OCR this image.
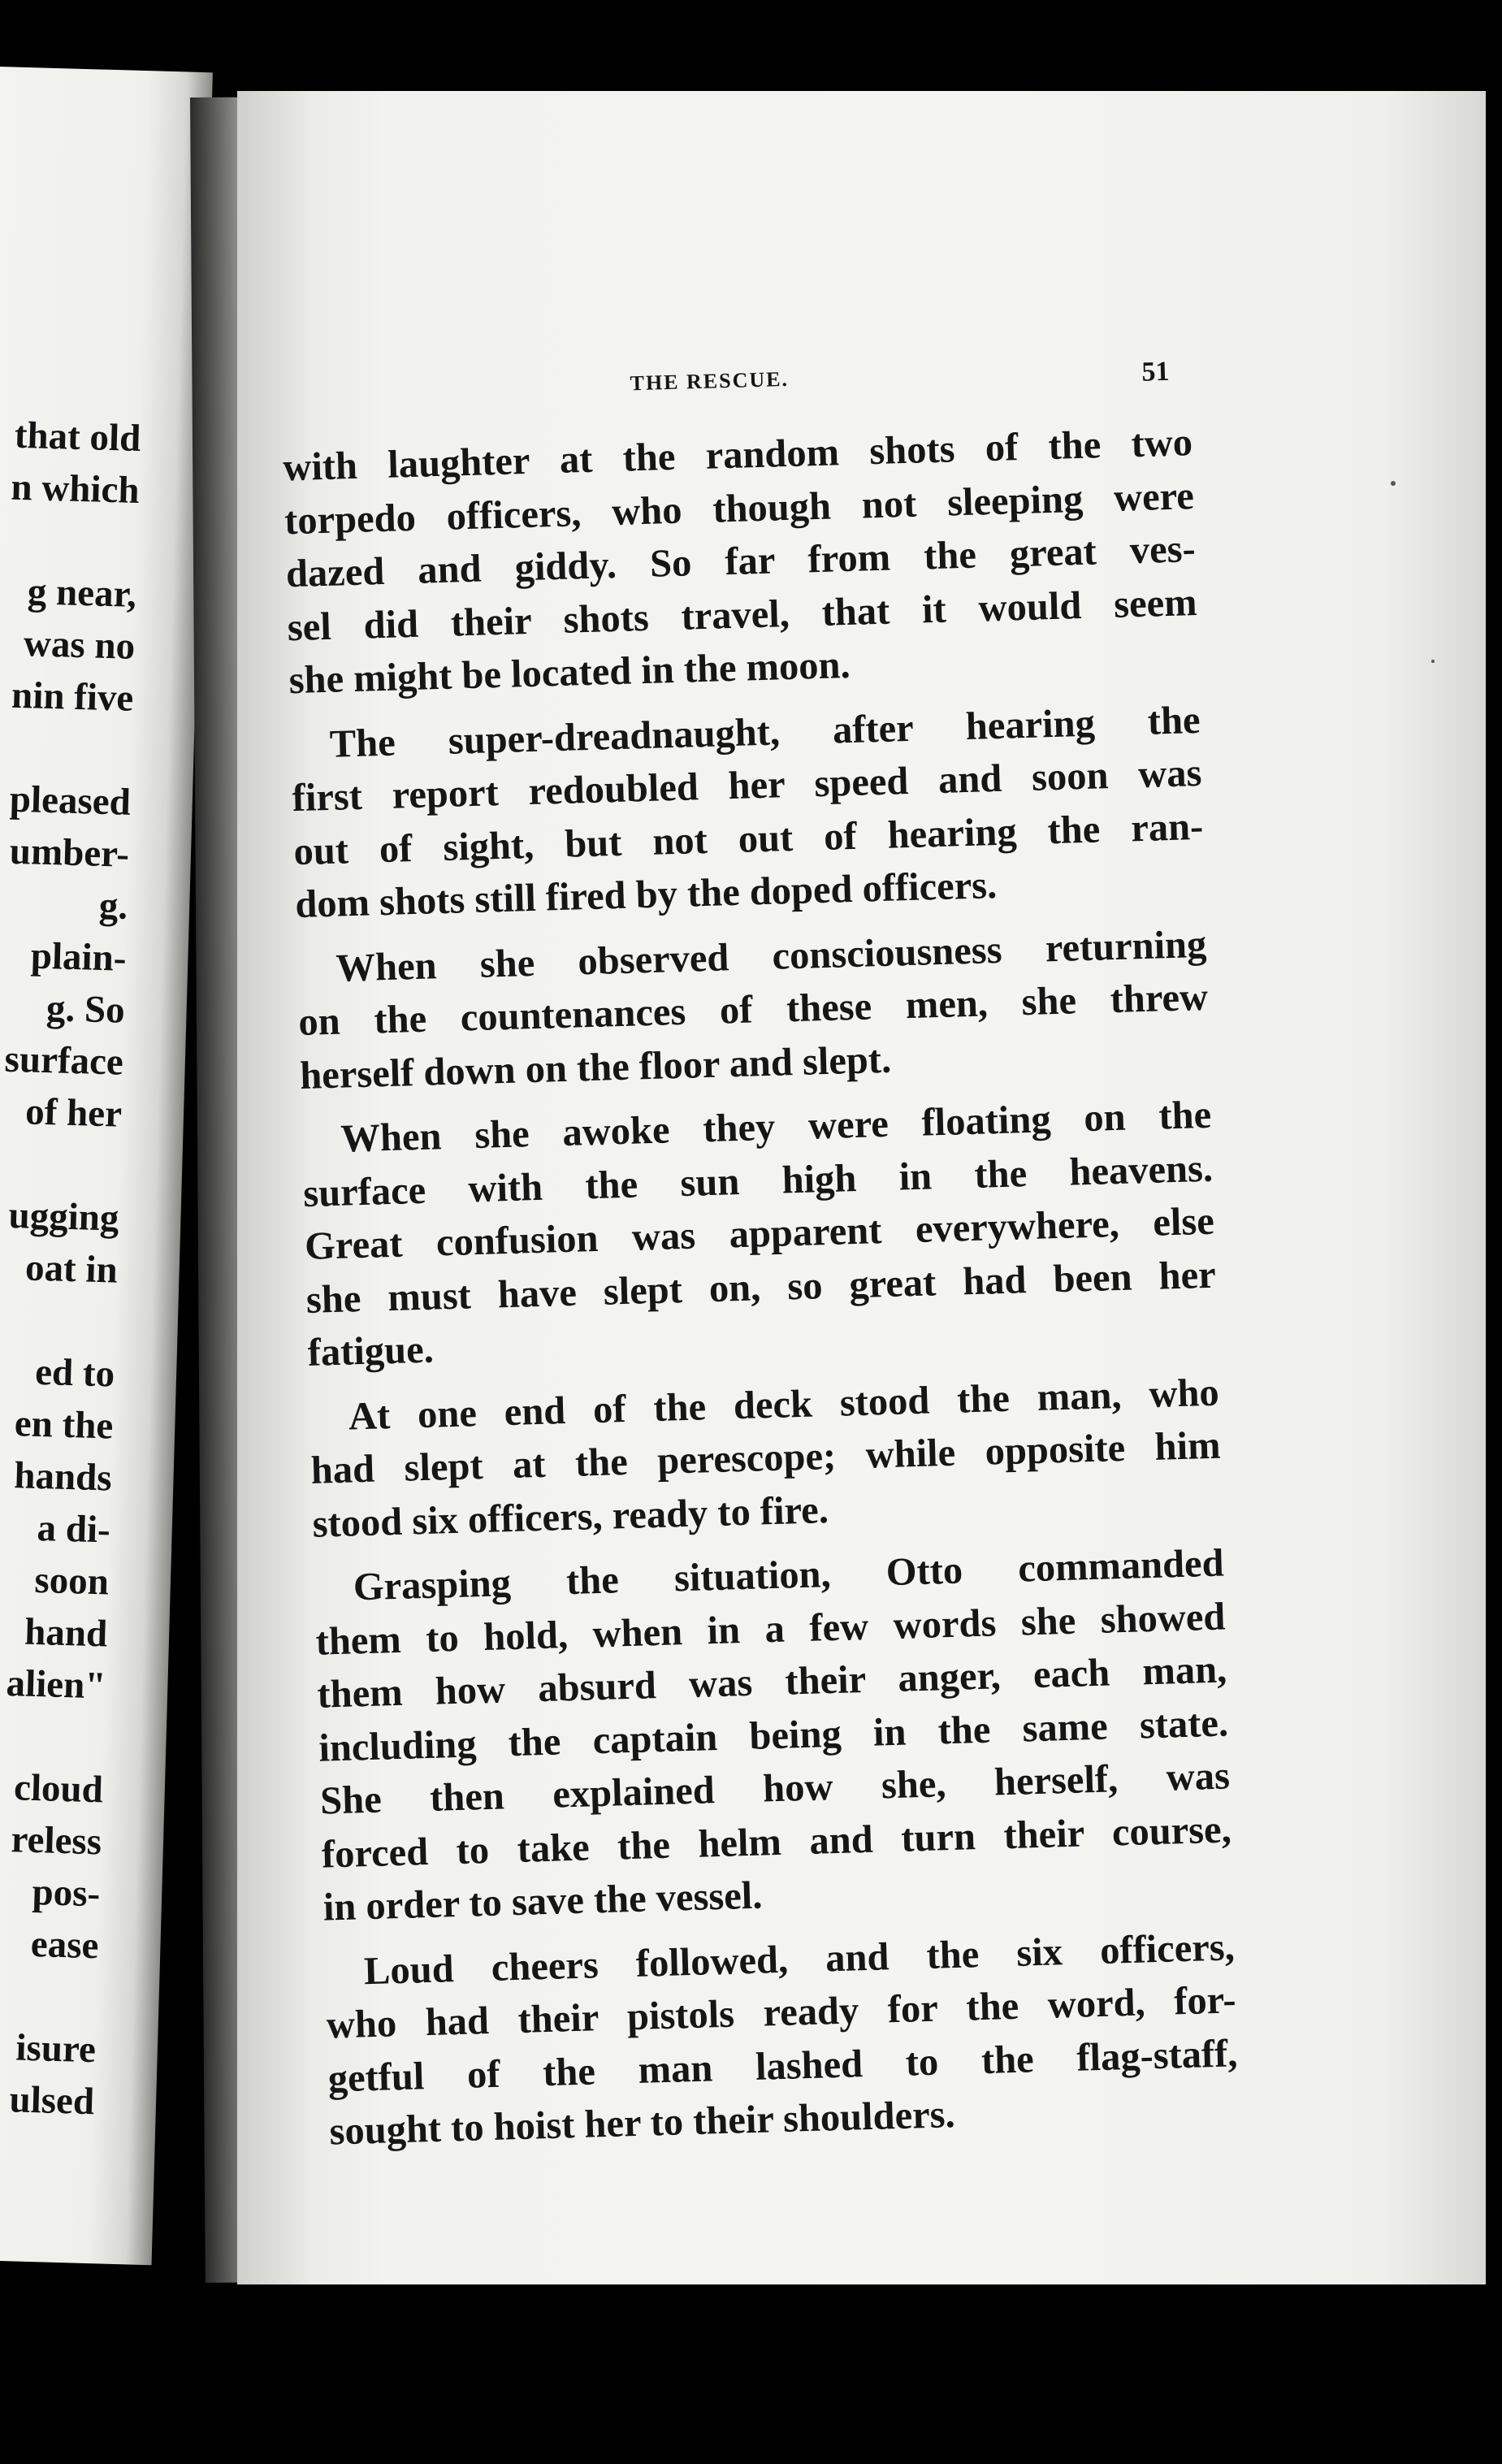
that old
n which
g near,
was no
nin five
pleased
umber-
g.
plain-
g. So
surface
of her
ugging
oat in
ed to
en the
hands
a di-
soon
hand
alien"
cloud
reless
pos-
ease
isure
ulsed
THE RESCUE.	51
with laughter at the random shots of the two
torpedo officers, who though not sleeping were
dazed and giddy. So far from the great ves-
sel did their shots travel, that it would seem
she might be located in the moon.
The super-dreadnaught, after hearing the
first report redoubled her speed and soon was
out of sight, but not out of hearing the ran-
dom shots still fired by the doped officers.
When she observed consciousness returning
on the countenances of these men, she threw
herself down on the floor and slept.
When she awoke they were floating on the
surface with the sun high in the heavens.
Great confusion was apparent everywhere, else
she must have slept on, so great had been her
fatigue.
At one end of the deck stood the man, who
had slept at the perescope; while opposite him
stood six officers, ready to fire.
Grasping the situation, Otto commanded
them to hold, when in a few words she showed
them how absurd was their anger, each man,
including the captain being in the same state.
She then explained how she, herself, was
forced to take the helm and turn their course,
in order to save the vessel.
Loud cheers followed, and the six officers,
who had their pistols ready for the word, for-
getful of the man lashed to the flag-staff,
sought to hoist her to their shoulders.
